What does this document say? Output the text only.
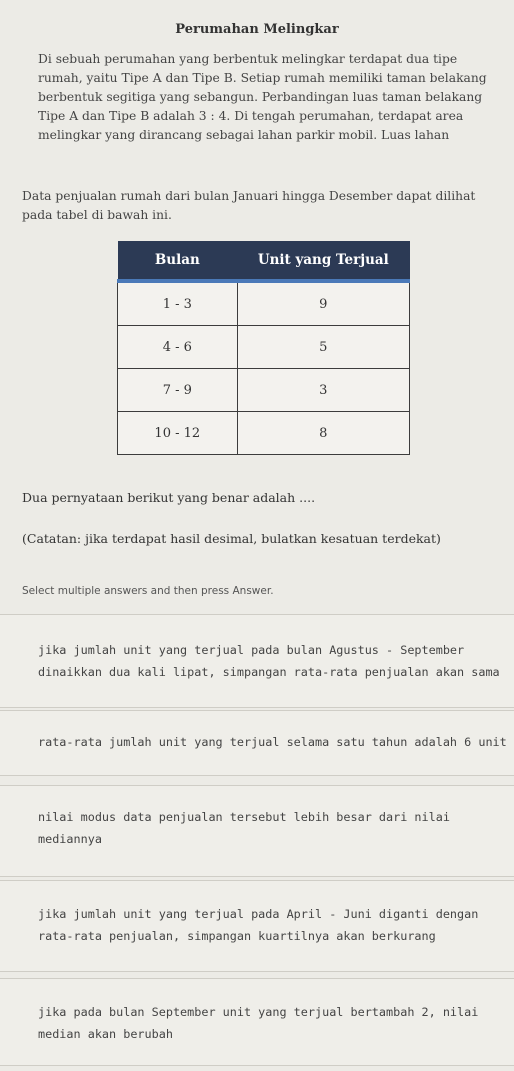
Perumahan Melingkar
Di sebuah perumahan yang berbentuk melingkar terdapat dua tipe rumah, yaitu Tipe A dan Tipe B. Setiap rumah memiliki taman belakang berbentuk segitiga yang sebangun. Perbandingan luas taman belakang Tipe A dan Tipe B adalah 3 : 4. Di tengah perumahan, terdapat area melingkar yang dirancang sebagai lahan parkir mobil. Luas lahan
Data penjualan rumah dari bulan Januari hingga Desember dapat dilihat pada tabel di bawah ini.
Bulan	Unit yang Terjual
1 - 3	9
4 - 6	5
7 - 9	3
10 - 12	8
Dua pernyataan berikut yang benar adalah ....
(Catatan: jika terdapat hasil desimal, bulatkan kesatuan terdekat)
Select multiple answers and then press Answer.
jika jumlah unit yang terjual pada bulan Agustus - September dinaikkan dua kali lipat, simpangan rata-rata penjualan akan sama
rata-rata jumlah unit yang terjual selama satu tahun adalah 6 unit
nilai modus data penjualan tersebut lebih besar dari nilai mediannya
jika jumlah unit yang terjual pada April - Juni diganti dengan rata-rata penjualan, simpangan kuartilnya akan berkurang
jika pada bulan September unit yang terjual bertambah 2, nilai median akan berubah
